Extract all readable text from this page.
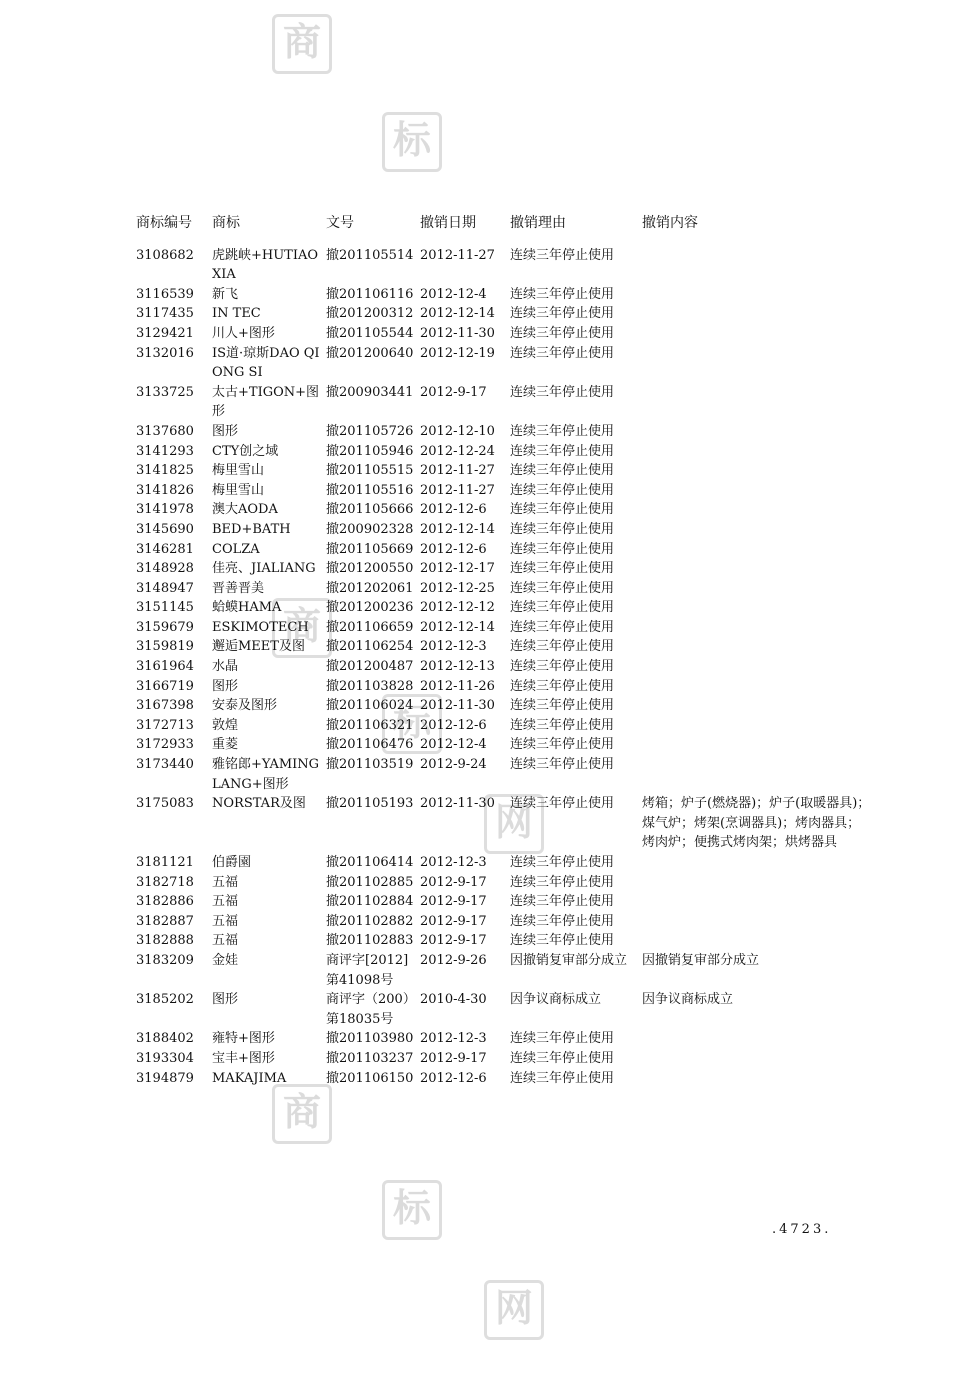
商
标
商
标
网
商
标
网
商标编号	商标	文号	撤销日期	撤销理由	撤销内容
3108682	虎跳峡+HUTIAOXIA	撤201105514	2012-11-27	连续三年停止使用	
3116539	新飞	撤201106116	2012-12-4	连续三年停止使用	
3117435	IN TEC	撤201200312	2012-12-14	连续三年停止使用	
3129421	川人+图形	撤201105544	2012-11-30	连续三年停止使用	
3132016	IS道·琼斯DAO QIONG SI	撤201200640	2012-12-19	连续三年停止使用	
3133725	太古+TIGON+图形	撤200903441	2012-9-17	连续三年停止使用	
3137680	图形	撤201105726	2012-12-10	连续三年停止使用	
3141293	CTY创之域	撤201105946	2012-12-24	连续三年停止使用	
3141825	梅里雪山	撤201105515	2012-11-27	连续三年停止使用	
3141826	梅里雪山	撤201105516	2012-11-27	连续三年停止使用	
3141978	澳大AODA	撤201105666	2012-12-6	连续三年停止使用	
3145690	BED+BATH	撤200902328	2012-12-14	连续三年停止使用	
3146281	COLZA	撤201105669	2012-12-6	连续三年停止使用	
3148928	佳亮、JIALIANG	撤201200550	2012-12-17	连续三年停止使用	
3148947	晋善晋美	撤201202061	2012-12-25	连续三年停止使用	
3151145	蛤蟆HAMA	撤201200236	2012-12-12	连续三年停止使用	
3159679	ESKIMOTECH	撤201106659	2012-12-14	连续三年停止使用	
3159819	邂逅MEET及图	撤201106254	2012-12-3	连续三年停止使用	
3161964	水晶	撤201200487	2012-12-13	连续三年停止使用	
3166719	图形	撤201103828	2012-11-26	连续三年停止使用	
3167398	安泰及图形	撤201106024	2012-11-30	连续三年停止使用	
3172713	敦煌	撤201106321	2012-12-6	连续三年停止使用	
3172933	重菱	撤201106476	2012-12-4	连续三年停止使用	
3173440	雅铭郎+YAMINGLANG+图形	撤201103519	2012-9-24	连续三年停止使用	
3175083	NORSTAR及图	撤201105193	2012-11-30	连续三年停止使用	烤箱；炉子(燃烧器)；炉子(取暖器具)；煤气炉；烤架(烹调器具)；烤肉器具；烤肉炉；便携式烤肉架；烘烤器具
3181121	伯爵園	撤201106414	2012-12-3	连续三年停止使用	
3182718	五福	撤201102885	2012-9-17	连续三年停止使用	
3182886	五福	撤201102884	2012-9-17	连续三年停止使用	
3182887	五福	撤201102882	2012-9-17	连续三年停止使用	
3182888	五福	撤201102883	2012-9-17	连续三年停止使用	
3183209	金娃	商评字[2012]第41098号	2012-9-26	因撤销复审部分成立	因撤销复审部分成立
3185202	图形	商评字（200）第18035号	2010-4-30	因争议商标成立	因争议商标成立
3188402	雍特+图形	撤201103980	2012-12-3	连续三年停止使用	
3193304	宝丰+图形	撤201103237	2012-9-17	连续三年停止使用	
3194879	MAKAJIMA	撤201106150	2012-12-6	连续三年停止使用	
.4723.
